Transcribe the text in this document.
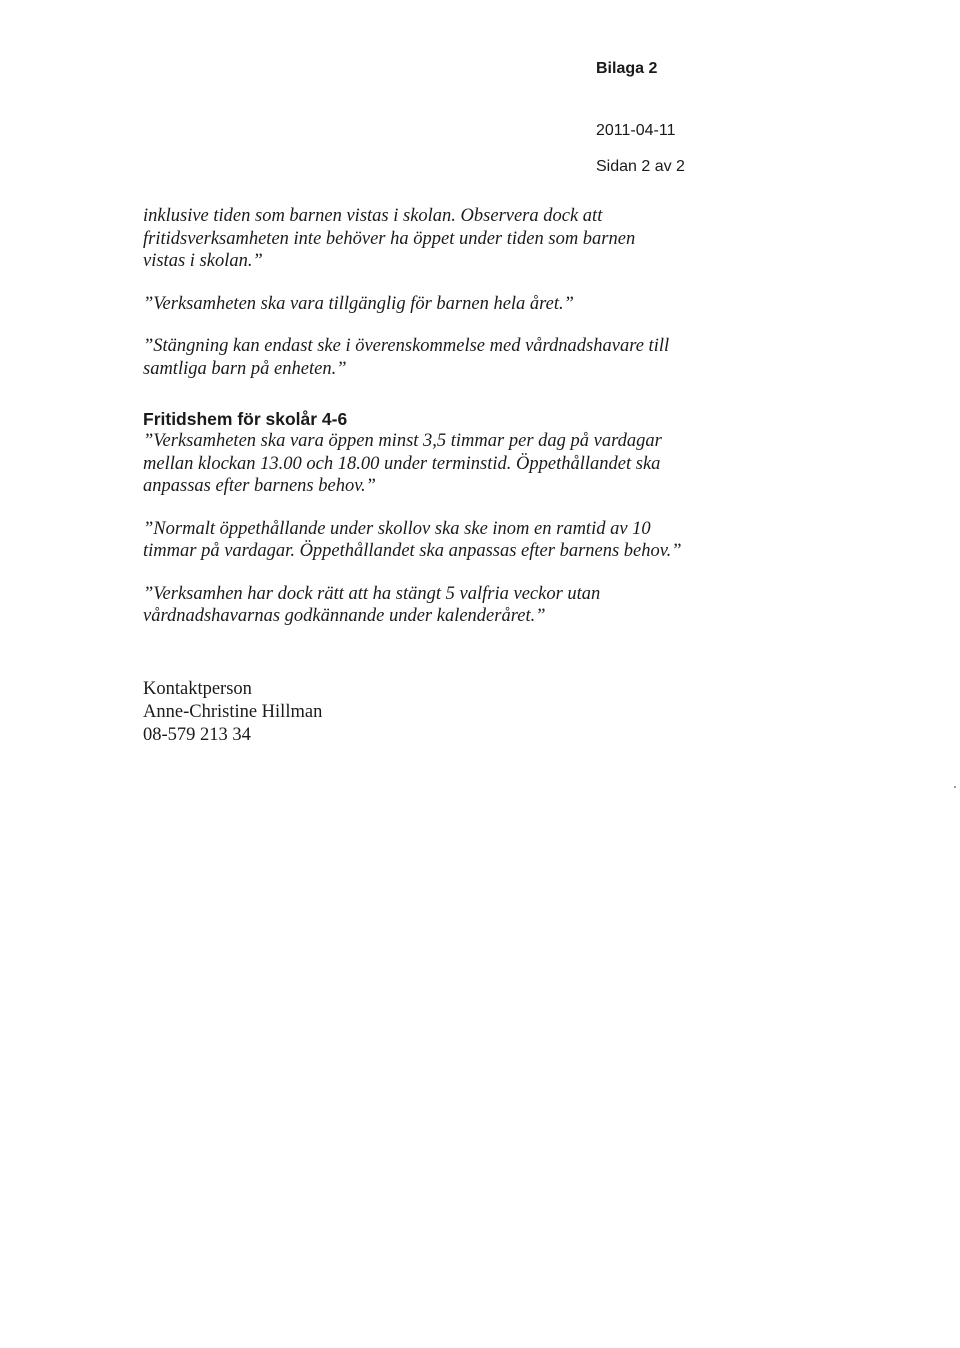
Bilaga 2
2011-04-11
Sidan 2 av 2

inklusive tiden som barnen vistas i skolan. Observera dock att

fritidsverksamheten inte behöver ha öppet under tiden som barnen

vistas i skolan.”

”Verksamheten ska vara tillgänglig för barnen hela året.”

”Stängning kan endast ske i överenskommelse med vårdnadshavare till

samtliga barn på enheten.”

Fritidshem för skolår 4-6

”Verksamheten ska vara öppen minst 3,5 timmar per dag på vardagar

mellan klockan 13.00 och 18.00 under terminstid. Öppethållandet ska

anpassas efter barnens behov.”

”Normalt öppethållande under skollov ska ske inom en ramtid av 10

timmar på vardagar. Öppethållandet ska anpassas efter barnens behov.”

”Verksamhen har dock rätt att ha stängt 5 valfria veckor utan

vårdnadshavarnas godkännande under kalenderåret.”

Kontaktperson

Anne-Christine Hillman

08-579 213 34
